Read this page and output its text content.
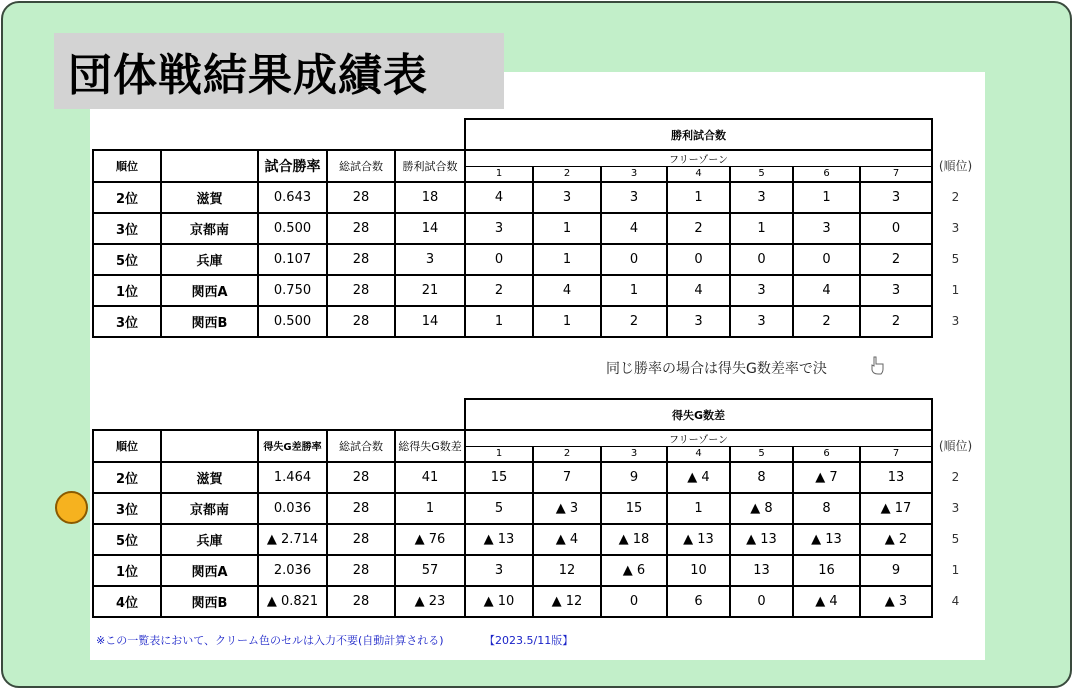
団体戦結果成績表
					勝利試合数							
順位		試合勝率	総試合数	勝利試合数	フリーゾーン							(順位)
					1	2	3	4	5	6	7	
2位	滋賀	0.643	28	18	4	3	3	1	3	1	3	2
3位	京都南	0.500	28	14	3	1	4	2	1	3	0	3
5位	兵庫	0.107	28	3	0	1	0	0	0	0	2	5
1位	関西A	0.750	28	21	2	4	1	4	3	4	3	1
3位	関西B	0.500	28	14	1	1	2	3	3	2	2	3
同じ勝率の場合は得失G数差率で決
					得失G数差							
順位		得失G差勝率	総試合数	総得失G数差	フリーゾーン							(順位)
					1	2	3	4	5	6	7	
2位	滋賀	1.464	28	41	15	7	9	▲ 4	8	▲ 7	13	2
3位	京都南	0.036	28	1	5	▲ 3	15	1	▲ 8	8	▲ 17	3
5位	兵庫	▲ 2.714	28	▲ 76	▲ 13	▲ 4	▲ 18	▲ 13	▲ 13	▲ 13	▲ 2	5
1位	関西A	2.036	28	57	3	12	▲ 6	10	13	16	9	1
4位	関西B	▲ 0.821	28	▲ 23	▲ 10	▲ 12	0	6	0	▲ 4	▲ 3	4
※この一覧表において、クリーム色のセルは入力不要(自動計算される)	【2023.5/11版】
